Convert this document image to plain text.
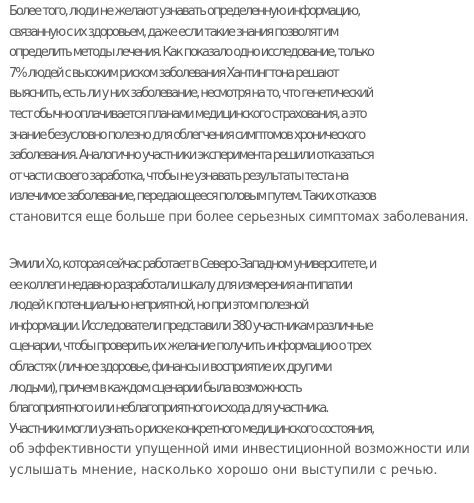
Более того, люди не желают узнавать определенную информацию,
связанную с их здоровьем, даже если такие знания позволят им
определить методы лечения. Как показало одно исследование, только
7% людей с высоким риском заболевания Хантингтона решают
выяснить, есть ли у них заболевание, несмотря на то, что генетический
тест обычно оплачивается планами медицинского страхования, а это
знание безусловно полезно для облегчения симптомов хронического
заболевания. Аналогично участники эксперимента решили отказаться
от части своего заработка, чтобы не узнавать результаты теста на
излечимое заболевание, передающееся половым путем. Таких отказов
становится еще больше при более серьезных симптомах заболевания.
Эмили Хо, которая сейчас работает в Северо-Западном университете, и
ее коллеги недавно разработали шкалу для измерения антипатии
людей к потенциально неприятной, но при этом полезной
информации. Исследователи представили 380 участникам различные
сценарии, чтобы проверить их желание получить информацию о трех
областях (личное здоровье, финансы и восприятие их другими
людьми), причем в каждом сценарии была возможность
благоприятного или неблагоприятного исхода для участника.
Участники могли узнать о риске конкретного медицинского состояния,
об эффективности упущенной ими инвестиционной возможности или
услышать мнение, насколько хорошо они выступили с речью.
